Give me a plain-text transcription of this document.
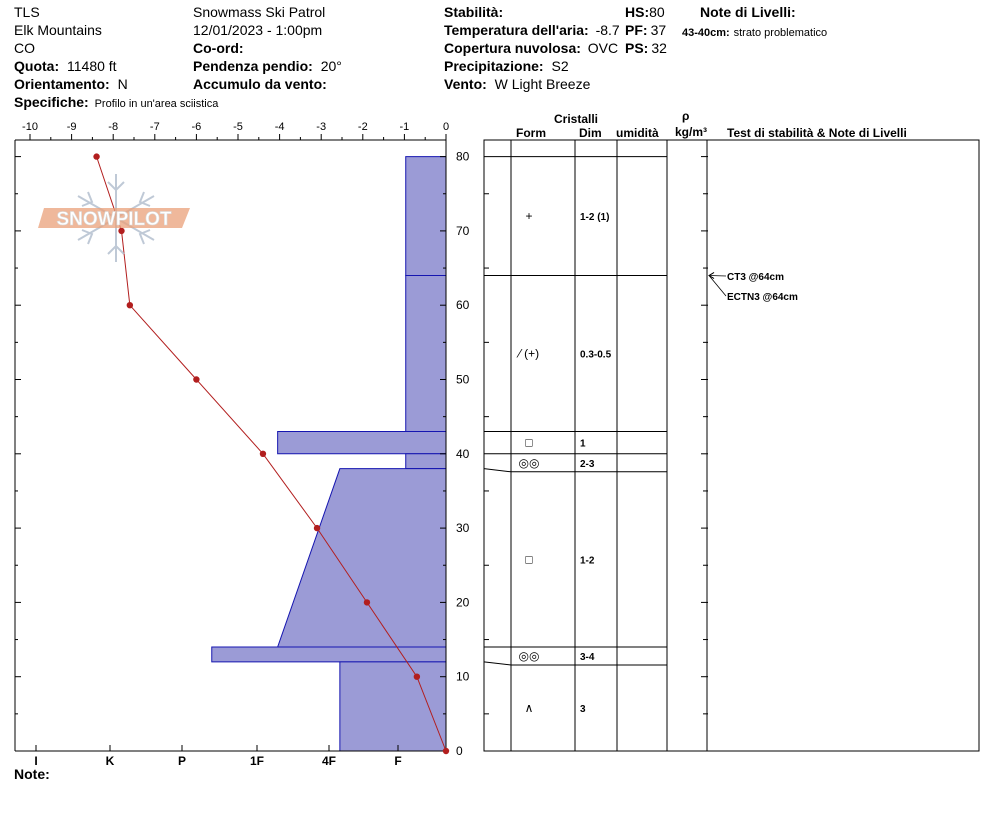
TLS	Snowmass Ski Patrol
Elk Mountains	12/01/2023 - 1:00pm
CO	Co-ord:
Quota: 11480 ft	Pendenza pendio: 20°
Orientamento: N	Accumulo da vento:
Specifiche: Profilo in un'area sciistica
Stabilità:
Temperatura dell'aria: -8.7
Copertura nuvolosa: OVC
Precipitazione: S2
Vento: W Light Breeze
HS:80
PF: 37
PS: 32
Note di Livelli:
43-40cm: strato problematico
Note:
Cristalli
Form	Dim umidità
ρ
kg/m³ Test di stabilità & Note di Livelli
-10	-9	-8	-7	-6	-5	-4	-3	-2	-1	0
0
10
20
30
40
50
60
70
80
I	K	P	1F	4F	F
+	1-2 (1)
⁄ (+)	0.3-0.5
□	1
◎◎	2-3
□	1-2
◎◎	3-4
∧	3
CT3 @64cm
ECTN3 @64cm
SNOWPILOT
